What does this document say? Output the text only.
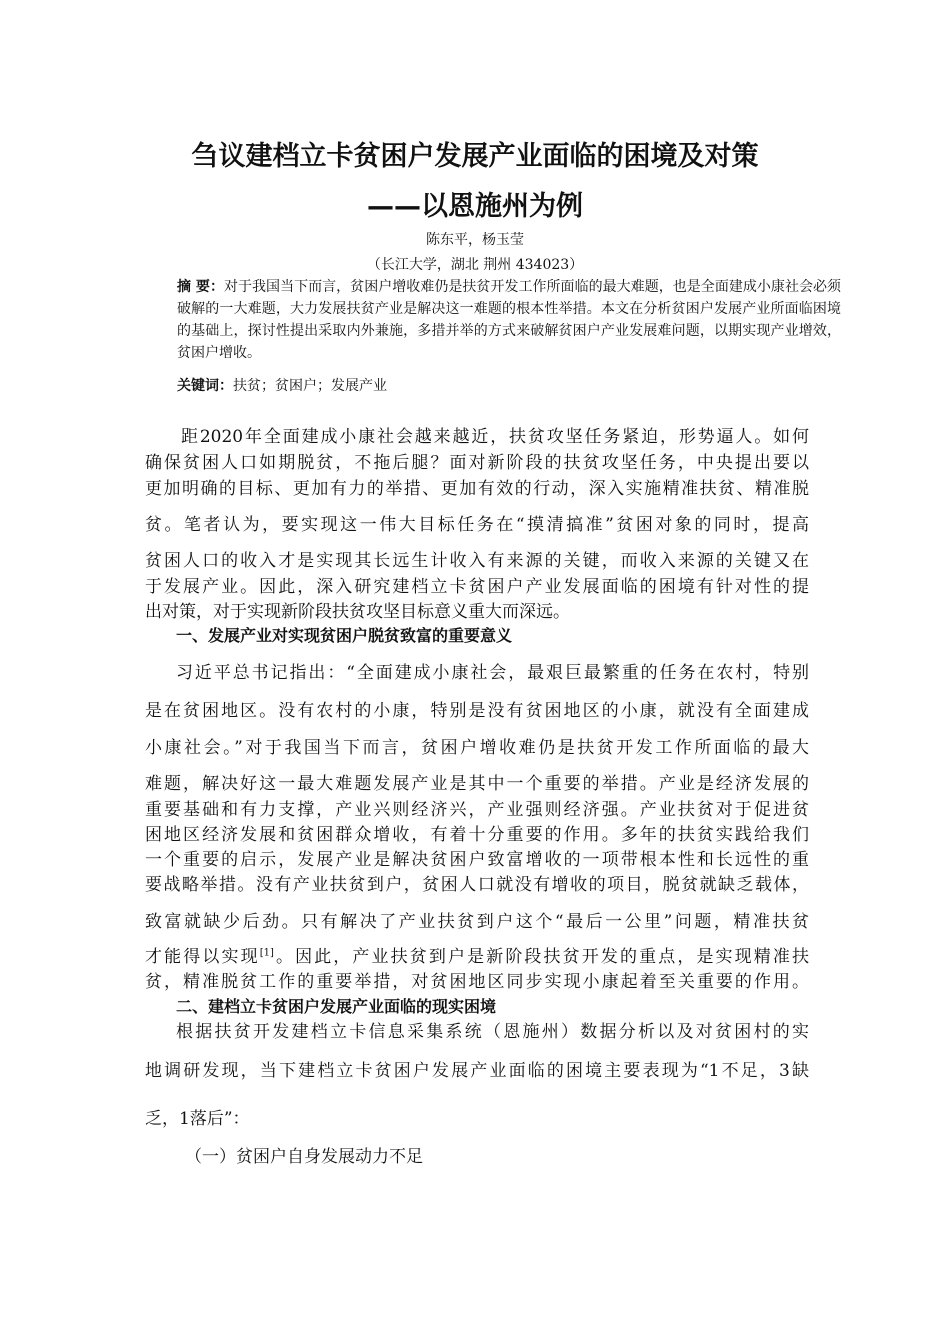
刍议建档立卡贫困户发展产业面临的困境及对策
——以恩施州为例

陈东平，杨玉莹

（长江大学，湖北 荆州 434023）

摘 要：对于我国当下而言，贫困户增收难仍是扶贫开发工作所面临的最大难题，也是全面建成小康社会必须破解的一大难题，大力发展扶贫产业是解决这一难题的根本性举措。本文在分析贫困户发展产业所面临困境的基础上，探讨性提出采取内外兼施，多措并举的方式来破解贫困户产业发展难问题，以期实现产业增效，贫困户增收。

关键词：扶贫；贫困户；发展产业

距2020年全面建成小康社会越来越近，扶贫攻坚任务紧迫，形势逼人。如何

确保贫困人口如期脱贫，不拖后腿？面对新阶段的扶贫攻坚任务，中央提出要以

更加明确的目标、更加有力的举措、更加有效的行动，深入实施精准扶贫、精准脱

贫。笔者认为，要实现这一伟大目标任务在“摸清搞准”贫困对象的同时，提高

贫困人口的收入才是实现其长远生计收入有来源的关键，而收入来源的关键又在

于发展产业。因此，深入研究建档立卡贫困户产业发展面临的困境有针对性的提

出对策，对于实现新阶段扶贫攻坚目标意义重大而深远。

一、发展产业对实现贫困户脱贫致富的重要意义

习近平总书记指出：“全面建成小康社会，最艰巨最繁重的任务在农村，特别

是在贫困地区。没有农村的小康，特别是没有贫困地区的小康，就没有全面建成

小康社会。”对于我国当下而言，贫困户增收难仍是扶贫开发工作所面临的最大

难题，解决好这一最大难题发展产业是其中一个重要的举措。产业是经济发展的

重要基础和有力支撑，产业兴则经济兴，产业强则经济强。产业扶贫对于促进贫

困地区经济发展和贫困群众增收，有着十分重要的作用。多年的扶贫实践给我们

一个重要的启示，发展产业是解决贫困户致富增收的一项带根本性和长远性的重

要战略举措。没有产业扶贫到户，贫困人口就没有增收的项目，脱贫就缺乏载体，

致富就缺少后劲。只有解决了产业扶贫到户这个“最后一公里”问题，精准扶贫

才能得以实现[1]。因此，产业扶贫到户是新阶段扶贫开发的重点，是实现精准扶

贫，精准脱贫工作的重要举措，对贫困地区同步实现小康起着至关重要的作用。

二、建档立卡贫困户发展产业面临的现实困境

根据扶贫开发建档立卡信息采集系统（恩施州）数据分析以及对贫困村的实

地调研发现，当下建档立卡贫困户发展产业面临的困境主要表现为“1不足，3缺

乏，1落后”：

（一）贫困户自身发展动力不足
